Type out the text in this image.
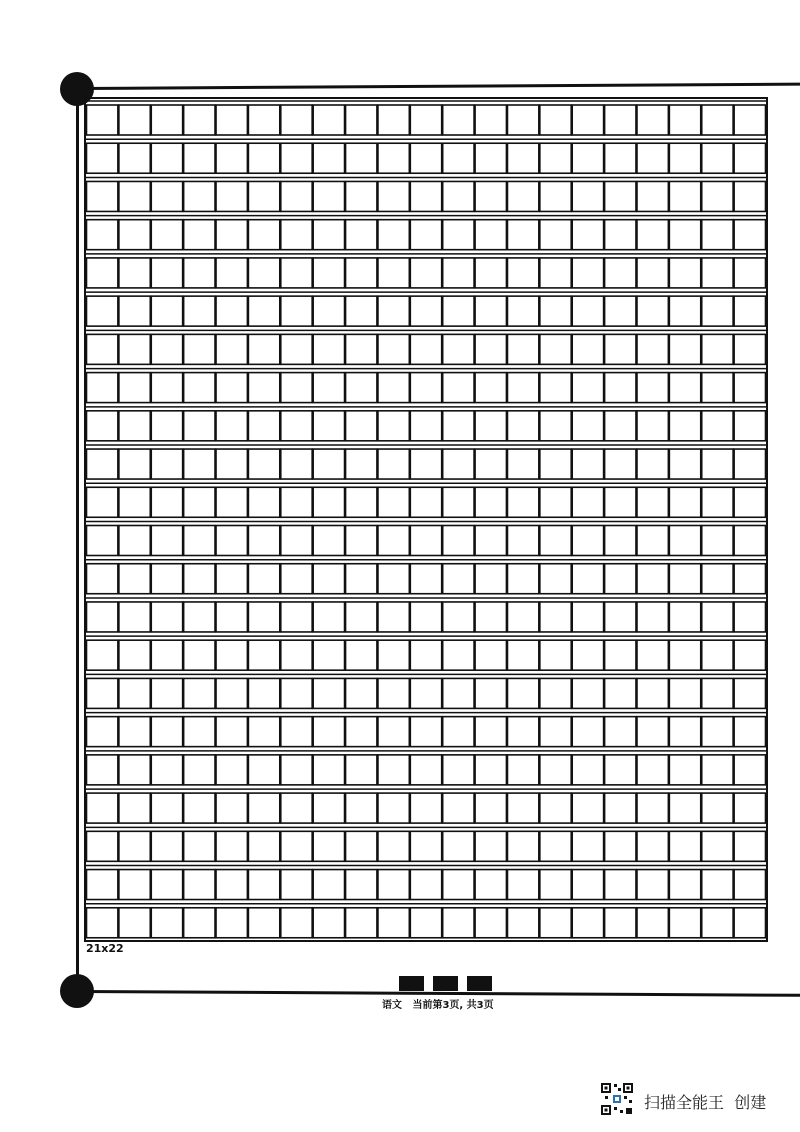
21x22
语文   当前第3页, 共3页
扫描全能王 创建
